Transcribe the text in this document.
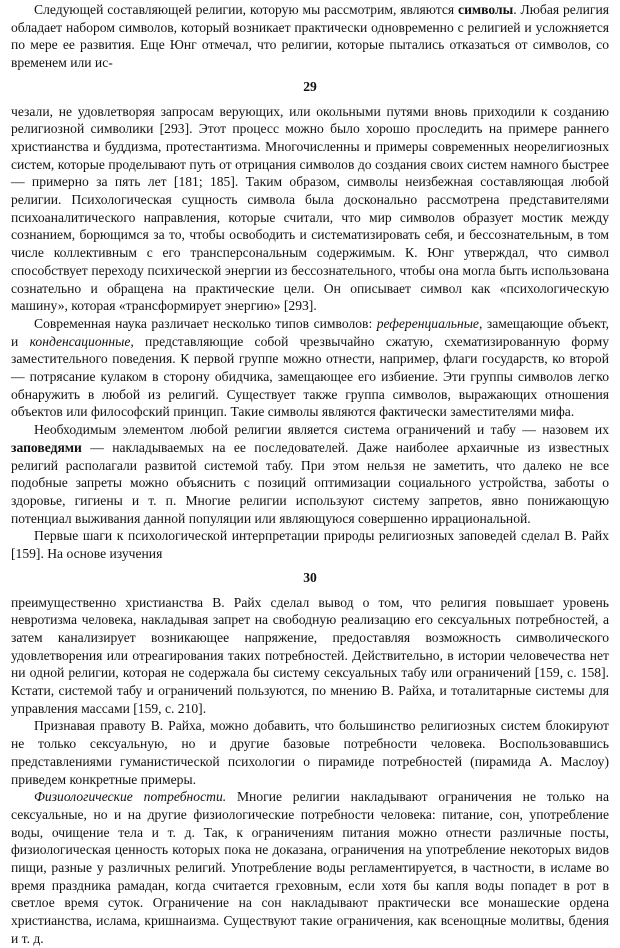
Следующей составляющей религии, которую мы рассмотрим, являются символы. Любая религия обладает набором символов, который возникает практически одновременно с религией и усложняется по мере ее развития. Еще Юнг отмечал, что религии, которые пытались отказаться от символов, со временем или ис-

29

чезали, не удовлетворяя запросам верующих, или окольными путями вновь приходили к созданию религиозной символики [293]. Этот процесс можно было хорошо проследить на примере раннего христианства и буддизма, протестантизма. Многочисленны и примеры современных неорелигиозных систем, которые проделывают путь от отрицания символов до создания своих систем намного быстрее — примерно за пять лет [181; 185]. Таким образом, символы неизбежная составляющая любой религии. Психологическая сущность символа была досконально рассмотрена представителями психоаналитического направления, которые считали, что мир символов образует мостик между сознанием, борющимся за то, чтобы освободить и систематизировать себя, и бессознательным, в том числе коллективным с его трансперсональным содержимым. К. Юнг утверждал, что символ способствует переходу психической энергии из бессознательного, чтобы она могла быть использована сознательно и обращена на практические цели. Он описывает символ как «психологическую машину», которая «трансформирует энергию» [293].

Современная наука различает несколько типов символов: референциальные, замещающие объект, и конденсационные, представляющие собой чрезвычайно сжатую, схематизированную форму заместительного поведения. К первой группе можно отнести, например, флаги государств, ко второй — потрясание кулаком в сторону обидчика, замещающее его избиение. Эти группы символов легко обнаружить в любой из религий. Существует также группа символов, выражающих отношения объектов или философский принцип. Такие символы являются фактически заместителями мифа.

Необходимым элементом любой религии является система ограничений и табу — назовем их заповедями — накладываемых на ее последователей. Даже наиболее архаичные из известных религий располагали развитой системой табу. При этом нельзя не заметить, что далеко не все подобные запреты можно объяснить с позиций оптимизации социального устройства, заботы о здоровье, гигиены и т. п. Многие религии используют систему запретов, явно понижающую потенциал выживания данной популяции или являющуюся совершенно иррациональной.

Первые шаги к психологической интерпретации природы религиозных заповедей сделал В. Райх [159]. На основе изучения

30

преимущественно христианства В. Райх сделал вывод о том, что религия повышает уровень невротизма человека, накладывая запрет на свободную реализацию его сексуальных потребностей, а затем канализирует возникающее напряжение, предоставляя возможность символического удовлетворения или отреагирования таких потребностей. Действительно, в истории человечества нет ни одной религии, которая не содержала бы систему сексуальных табу или ограничений [159, с. 158]. Кстати, системой табу и ограничений пользуются, по мнению В. Райха, и тоталитарные системы для управления массами [159, с. 210].

Признавая правоту В. Райха, можно добавить, что большинство религиозных систем блокируют не только сексуальную, но и другие базовые потребности человека. Воспользовавшись представлениями гуманистической психологии о пирамиде потребностей (пирамида А. Маслоу) приведем конкретные примеры.

Физиологические потребности. Многие религии накладывают ограничения не только на сексуальные, но и на другие физиологические потребности человека: питание, сон, употребление воды, очищение тела и т. д. Так, к ограничениям питания можно отнести различные посты, физиологическая ценность которых пока не доказана, ограничения на употребление некоторых видов пищи, разные у различных религий. Употребление воды регламентируется, в частности, в исламе во время праздника рамадан, когда считается греховным, если хотя бы капля воды попадет в рот в светлое время суток. Ограничение на сон накладывают практически все монашеские ордена христианства, ислама, кришнаизма. Существуют такие ограничения, как всенощные молитвы, бдения и т. д.
